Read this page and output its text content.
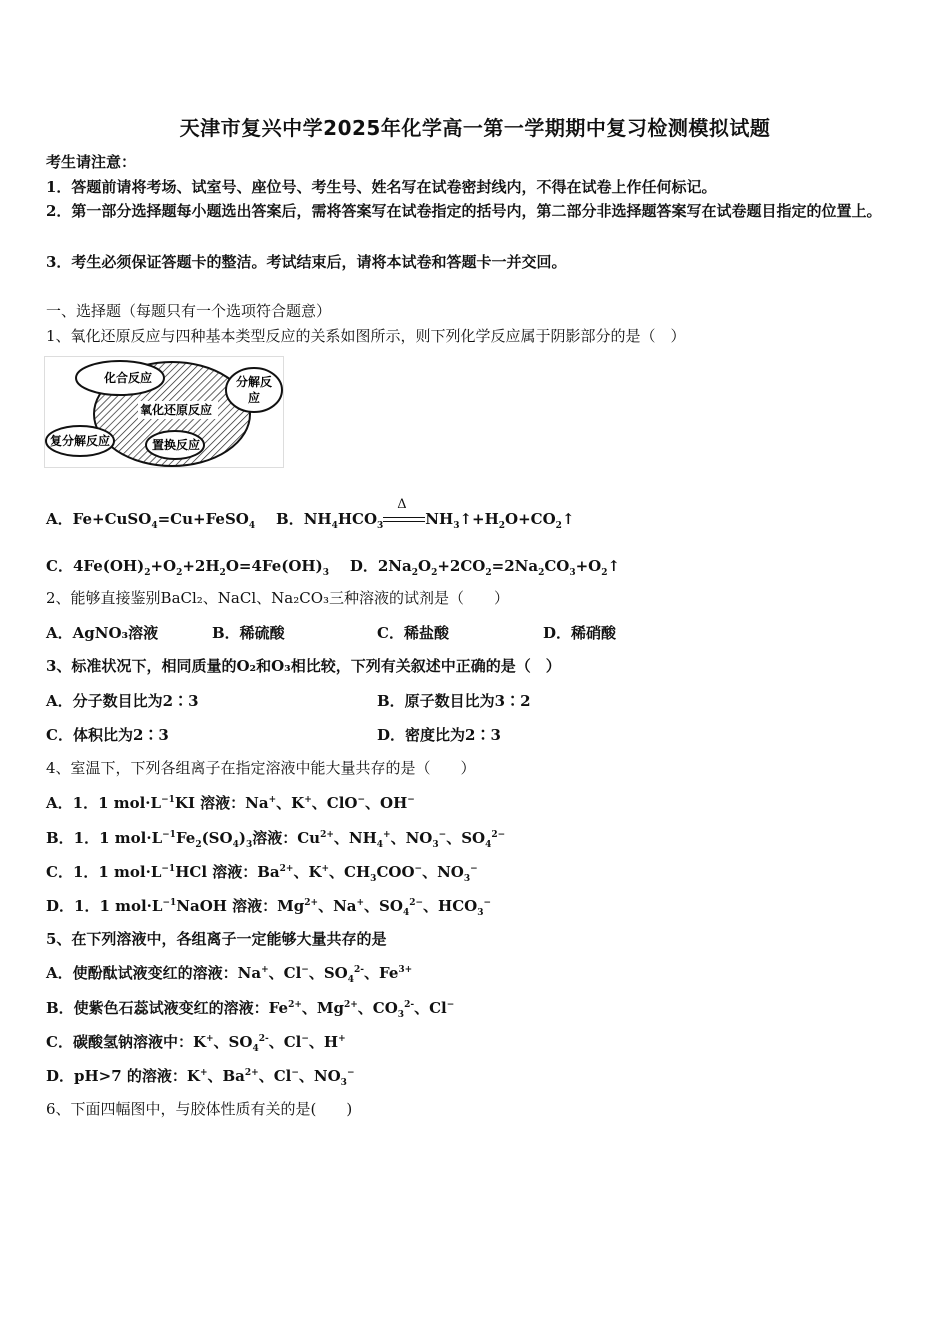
天津市复兴中学2025年化学高一第一学期期中复习检测模拟试题
考生请注意：
1．答题前请将考场、试室号、座位号、考生号、姓名写在试卷密封线内，不得在试卷上作任何标记。
2．第一部分选择题每小题选出答案后，需将答案写在试卷指定的括号内，第二部分非选择题答案写在试卷题目指定的位置上。
3．考生必须保证答题卡的整洁。考试结束后，请将本试卷和答题卡一并交回。
一、选择题（每题只有一个选项符合题意）
1、氧化还原反应与四种基本类型反应的关系如图所示，则下列化学反应属于阴影部分的是（　）
化合反应	分解反
应
氧化还原反应
复分解反应	置换反应
A．Fe+CuSO$_4$=Cu+FeSO$_4$    B．$NH_4HCO_3$
Δ
$NH_3↑+H_2O+CO_2↑$
C．$4Fe(OH)_2+O_2+2H_2O=4Fe(OH)_3$    D．$2Na_2O_2+2CO_2=2Na_2CO_3+O_2↑$
2、能够直接鉴别BaCl₂、NaCl、Na₂CO₃三种溶液的试剂是（　　）
A．AgNO₃溶液	B．稀硫酸	C．稀盐酸	D．稀硝酸
3、标准状况下，相同质量的O₂和O₃相比较，下列有关叙述中正确的是（　）
A．分子数目比为2∶3	B．原子数目比为3∶2
C．体积比为2∶3	D．密度比为2∶3
4、室温下，下列各组离子在指定溶液中能大量共存的是（　　）
A．1．1 $mol\cdot L^{-1}KI$ 溶液：Na+、K+、ClO−、OH−
B．1．1 $mol\cdot L^{-1}Fe_2(SO_4)_3$溶液：$Cu^{2+}$、$NH_4^+$、$NO_3^-$、$SO_4^{2-}$
C．1．1 $mol\cdot L^{-1}HCl$ 溶液：$Ba^{2+}$、K+、$CH_3COO^-$、$NO_3^-$
D．1．1 $mol\cdot L^{-1}NaOH$ 溶液：$Mg^{2+}$、Na+、$SO_4^{2-}$、$HCO_3^-$
5、在下列溶液中，各组离子一定能够大量共存的是
A．使酚酞试液变红的溶液：Na+、Cl−、$SO_4^{2-}$、$Fe^{3+}$
B．使紫色石蕊试液变红的溶液：$Fe^{2+}$、$Mg^{2+}$、$CO_3^{2-}$、Cl−
C．碳酸氢钠溶液中：K+、$SO_4^{2-}$、Cl−、H+
D．pH>7 的溶液：K+、$Ba^{2+}$、Cl−、$NO_3^-$
6、下面四幅图中，与胶体性质有关的是(　　)
